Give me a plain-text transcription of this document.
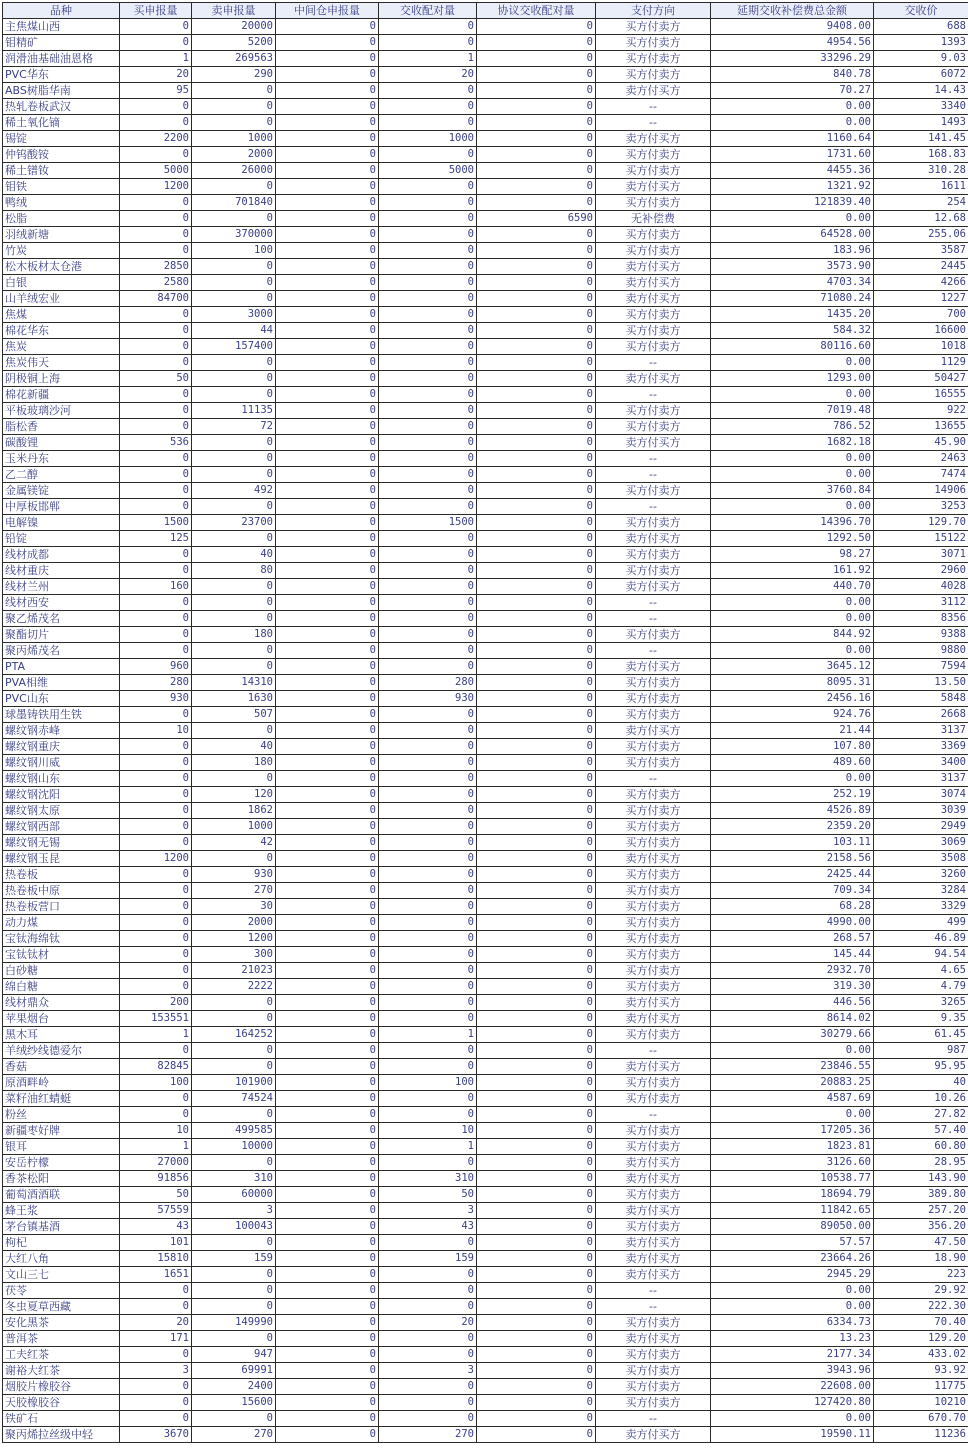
品种	买申报量	卖申报量	中间仓申报量	交收配对量	协议交收配对量	支付方向	延期交收补偿费总金额	交收价
主焦煤山西	0	20000	0	0	0	买方付卖方	9408.00	688
钼精矿	0	5200	0	0	0	买方付卖方	4954.56	1393
润滑油基础油恩格	1	269563	0	1	0	买方付卖方	33296.29	9.03
PVC华东	20	290	0	20	0	买方付卖方	840.78	6072
ABS树脂华南	95	0	0	0	0	卖方付买方	70.27	14.43
热轧卷板武汉	0	0	0	0	0	--	0.00	3340
稀土氧化镝	0	0	0	0	0	--	0.00	1493
锡锭	2200	1000	0	1000	0	卖方付买方	1160.64	141.45
仲钨酸铵	0	2000	0	0	0	买方付卖方	1731.60	168.83
稀土镨钕	5000	26000	0	5000	0	买方付卖方	4455.36	310.28
钼铁	1200	0	0	0	0	卖方付买方	1321.92	1611
鸭绒	0	701840	0	0	0	买方付卖方	121839.40	254
松脂	0	0	0	0	6590	无补偿费	0.00	12.68
羽绒新塘	0	370000	0	0	0	买方付卖方	64528.00	255.06
竹炭	0	100	0	0	0	买方付卖方	183.96	3587
松木板材太仓港	2850	0	0	0	0	卖方付买方	3573.90	2445
白银	2580	0	0	0	0	卖方付买方	4703.34	4266
山羊绒宏业	84700	0	0	0	0	卖方付买方	71080.24	1227
焦煤	0	3000	0	0	0	买方付卖方	1435.20	700
棉花华东	0	44	0	0	0	买方付卖方	584.32	16600
焦炭	0	157400	0	0	0	买方付卖方	80116.60	1018
焦炭伟天	0	0	0	0	0	--	0.00	1129
阴极铜上海	50	0	0	0	0	卖方付买方	1293.00	50427
棉花新疆	0	0	0	0	0	--	0.00	16555
平板玻璃沙河	0	11135	0	0	0	买方付卖方	7019.48	922
脂松香	0	72	0	0	0	买方付卖方	786.52	13655
碳酸锂	536	0	0	0	0	卖方付买方	1682.18	45.90
玉米丹东	0	0	0	0	0	--	0.00	2463
乙二醇	0	0	0	0	0	--	0.00	7474
金属镁锭	0	492	0	0	0	买方付卖方	3760.84	14906
中厚板邯郸	0	0	0	0	0	--	0.00	3253
电解镍	1500	23700	0	1500	0	买方付卖方	14396.70	129.70
铅锭	125	0	0	0	0	卖方付买方	1292.50	15122
线材成都	0	40	0	0	0	买方付卖方	98.27	3071
线材重庆	0	80	0	0	0	买方付卖方	161.92	2960
线材兰州	160	0	0	0	0	卖方付买方	440.70	4028
线材西安	0	0	0	0	0	--	0.00	3112
聚乙烯茂名	0	0	0	0	0	--	0.00	8356
聚酯切片	0	180	0	0	0	买方付卖方	844.92	9388
聚丙烯茂名	0	0	0	0	0	--	0.00	9880
PTA	960	0	0	0	0	卖方付买方	3645.12	7594
PVA相维	280	14310	0	280	0	买方付卖方	8095.31	13.50
PVC山东	930	1630	0	930	0	买方付卖方	2456.16	5848
球墨铸铁用生铁	0	507	0	0	0	买方付卖方	924.76	2668
螺纹钢赤峰	10	0	0	0	0	卖方付买方	21.44	3137
螺纹钢重庆	0	40	0	0	0	买方付卖方	107.80	3369
螺纹钢川威	0	180	0	0	0	买方付卖方	489.60	3400
螺纹钢山东	0	0	0	0	0	--	0.00	3137
螺纹钢沈阳	0	120	0	0	0	买方付卖方	252.19	3074
螺纹钢太原	0	1862	0	0	0	买方付卖方	4526.89	3039
螺纹钢西部	0	1000	0	0	0	买方付卖方	2359.20	2949
螺纹钢无锡	0	42	0	0	0	买方付卖方	103.11	3069
螺纹钢玉昆	1200	0	0	0	0	卖方付买方	2158.56	3508
热卷板	0	930	0	0	0	买方付卖方	2425.44	3260
热卷板中原	0	270	0	0	0	买方付卖方	709.34	3284
热卷板营口	0	30	0	0	0	买方付卖方	68.28	3329
动力煤	0	2000	0	0	0	买方付卖方	4990.00	499
宝钛海绵钛	0	1200	0	0	0	买方付卖方	268.57	46.89
宝钛钛材	0	300	0	0	0	买方付卖方	145.44	94.54
白砂糖	0	21023	0	0	0	买方付卖方	2932.70	4.65
绵白糖	0	2222	0	0	0	买方付卖方	319.30	4.79
线材鼎众	200	0	0	0	0	卖方付买方	446.56	3265
苹果烟台	153551	0	0	0	0	卖方付买方	8614.02	9.35
黑木耳	1	164252	0	1	0	买方付卖方	30279.66	61.45
羊绒纱线德爱尔	0	0	0	0	0	--	0.00	987
香菇	82845	0	0	0	0	卖方付买方	23846.55	95.95
原酒畔岭	100	101900	0	100	0	买方付卖方	20883.25	40
菜籽油红蜻蜓	0	74524	0	0	0	买方付卖方	4587.69	10.26
粉丝	0	0	0	0	0	--	0.00	27.82
新疆枣好牌	10	499585	0	10	0	买方付卖方	17205.36	57.40
银耳	1	10000	0	1	0	买方付卖方	1823.81	60.80
安岳柠檬	27000	0	0	0	0	卖方付买方	3126.60	28.95
香茶松阳	91856	310	0	310	0	卖方付买方	10538.77	143.90
葡萄酒酒联	50	60000	0	50	0	买方付卖方	18694.79	389.80
蜂王浆	57559	3	0	3	0	卖方付买方	11842.65	257.20
茅台镇基酒	43	100043	0	43	0	买方付卖方	89050.00	356.20
枸杞	101	0	0	0	0	卖方付买方	57.57	47.50
大红八角	15810	159	0	159	0	卖方付买方	23664.26	18.90
文山三七	1651	0	0	0	0	卖方付买方	2945.29	223
茯苓	0	0	0	0	0	--	0.00	29.92
冬虫夏草西藏	0	0	0	0	0	--	0.00	222.30
安化黑茶	20	149990	0	20	0	买方付卖方	6334.73	70.40
普洱茶	171	0	0	0	0	卖方付买方	13.23	129.20
工夫红茶	0	947	0	0	0	买方付卖方	2177.34	433.02
谢裕大红茶	3	69991	0	3	0	买方付卖方	3943.96	93.92
烟胶片橡胶谷	0	2400	0	0	0	买方付卖方	22608.00	11775
天胶橡胶谷	0	15600	0	0	0	买方付卖方	127420.80	10210
铁矿石	0	0	0	0	0	--	0.00	670.70
聚丙烯拉丝级中轻	3670	270	0	270	0	卖方付买方	19590.11	11236
